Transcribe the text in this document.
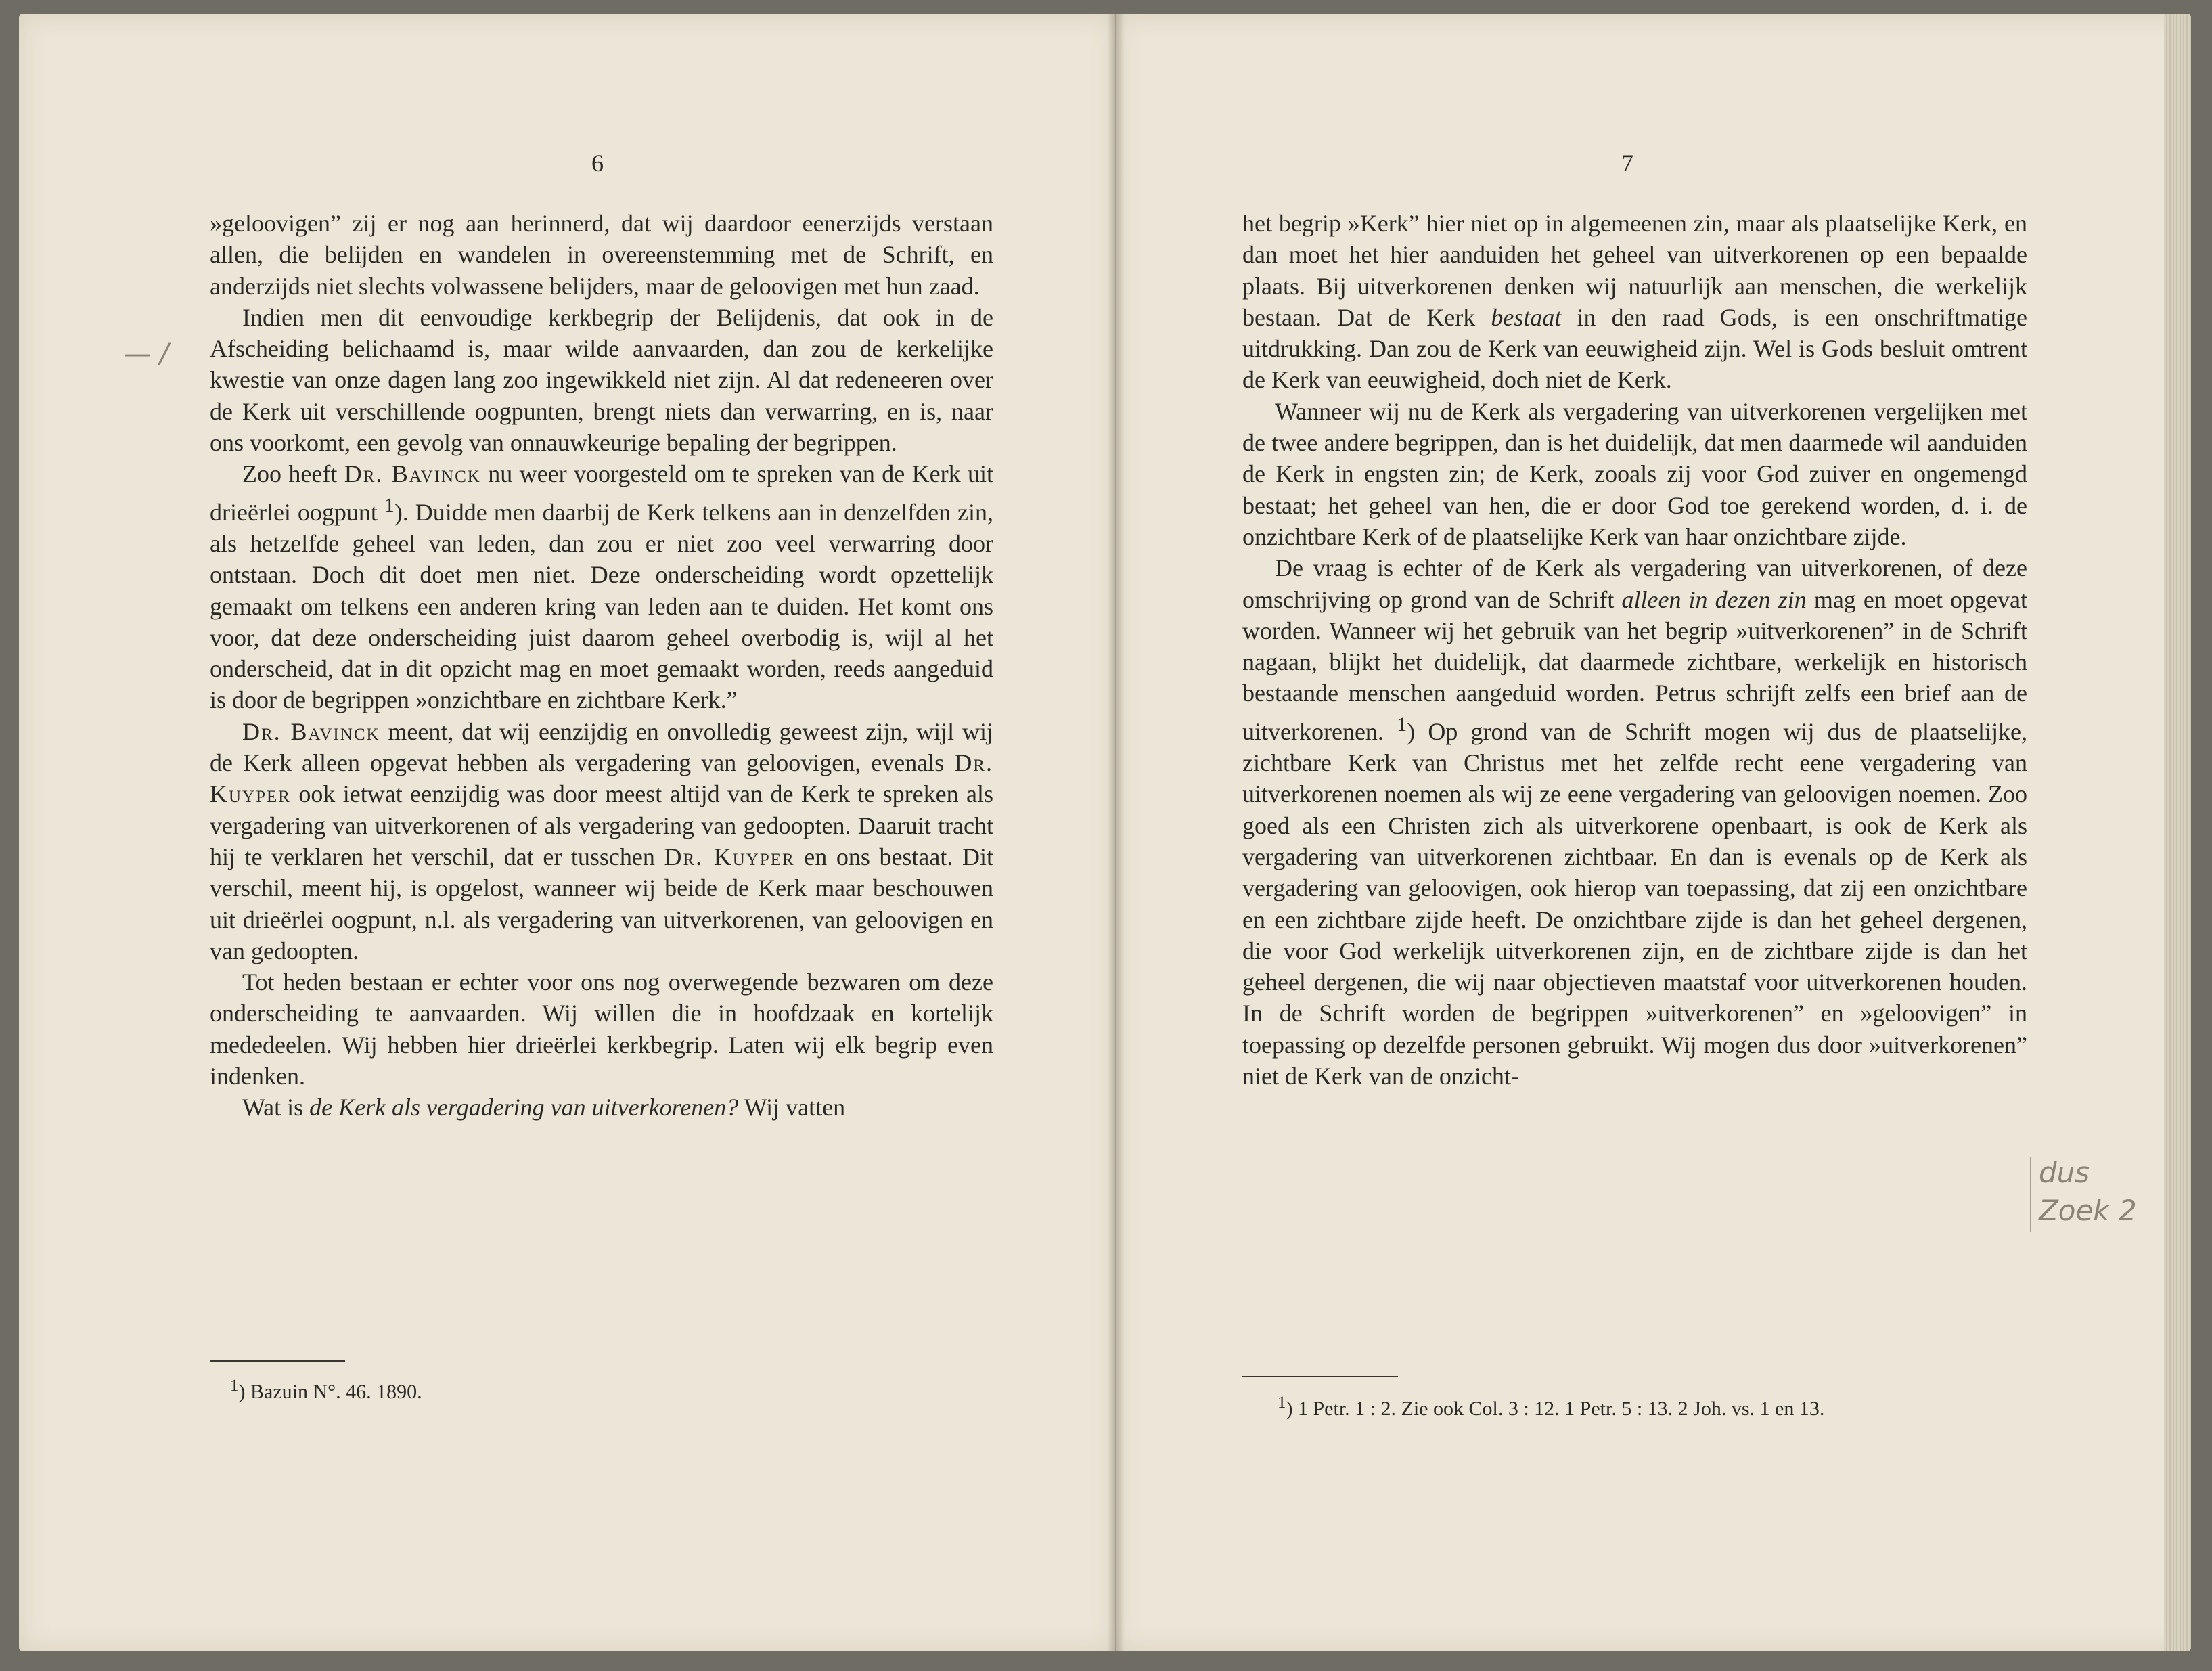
6

»geloovigen” zij er nog aan herinnerd, dat wij daardoor eenerzijds verstaan allen, die belijden en wandelen in overeenstemming met de Schrift, en anderzijds niet slechts volwassene belijders, maar de geloovigen met hun zaad.

Indien men dit eenvoudige kerkbegrip der Belijdenis, dat ook in de Afscheiding belichaamd is, maar wilde aanvaarden, dan zou de kerkelijke kwestie van onze dagen lang zoo ingewikkeld niet zijn. Al dat redeneeren over de Kerk uit verschillende oogpunten, brengt niets dan verwarring, en is, naar ons voorkomt, een gevolg van onnauwkeurige bepaling der begrippen.

Zoo heeft Dr. Bavinck nu weer voorgesteld om te spreken van de Kerk uit drieërlei oogpunt $^1$). Duidde men daarbij de Kerk telkens aan in denzelfden zin, als hetzelfde geheel van leden, dan zou er niet zoo veel verwarring door ontstaan. Doch dit doet men niet. Deze onderscheiding wordt opzettelijk gemaakt om telkens een anderen kring van leden aan te duiden. Het komt ons voor, dat deze onderscheiding juist daarom geheel overbodig is, wijl al het onderscheid, dat in dit opzicht mag en moet gemaakt worden, reeds aangeduid is door de begrippen »onzichtbare en zichtbare Kerk.”

Dr. Bavinck meent, dat wij eenzijdig en onvolledig geweest zijn, wijl wij de Kerk alleen opgevat hebben als vergadering van geloovigen, evenals Dr. Kuyper ook ietwat eenzijdig was door meest altijd van de Kerk te spreken als vergadering van uitverkorenen of als vergadering van gedoopten. Daaruit tracht hij te verklaren het verschil, dat er tusschen Dr. Kuyper en ons bestaat. Dit verschil, meent hij, is opgelost, wanneer wij beide de Kerk maar beschouwen uit drieërlei oogpunt, n.l. als vergadering van uitverkorenen, van geloovigen en van gedoopten.

Tot heden bestaan er echter voor ons nog overwegende bezwaren om deze onderscheiding te aanvaarden. Wij willen die in hoofdzaak en kortelijk mededeelen. Wij hebben hier drieërlei kerkbegrip. Laten wij elk begrip even indenken.

Wat is de Kerk als vergadering van uitverkorenen? Wij vatten

$^1$) Bazuin N°. 46. 1890.
— /
7

het begrip »Kerk” hier niet op in algemeenen zin, maar als plaatselijke Kerk, en dan moet het hier aanduiden het geheel van uitverkorenen op een bepaalde plaats. Bij uitverkorenen denken wij natuurlijk aan menschen, die werkelijk bestaan. Dat de Kerk bestaat in den raad Gods, is een onschriftmatige uitdrukking. Dan zou de Kerk van eeuwigheid zijn. Wel is Gods besluit omtrent de Kerk van eeuwigheid, doch niet de Kerk.

Wanneer wij nu de Kerk als vergadering van uitverkorenen vergelijken met de twee andere begrippen, dan is het duidelijk, dat men daarmede wil aanduiden de Kerk in engsten zin; de Kerk, zooals zij voor God zuiver en ongemengd bestaat; het geheel van hen, die er door God toe gerekend worden, d. i. de onzichtbare Kerk of de plaatselijke Kerk van haar onzichtbare zijde.

De vraag is echter of de Kerk als vergadering van uitverkorenen, of deze omschrijving op grond van de Schrift alleen in dezen zin mag en moet opgevat worden. Wanneer wij het gebruik van het begrip »uitverkorenen” in de Schrift nagaan, blijkt het duidelijk, dat daarmede zichtbare, werkelijk en historisch bestaande menschen aangeduid worden. Petrus schrijft zelfs een brief aan de uitverkorenen. $^1$) Op grond van de Schrift mogen wij dus de plaatselijke, zichtbare Kerk van Christus met het zelfde recht eene vergadering van uitverkorenen noemen als wij ze eene vergadering van geloovigen noemen. Zoo goed als een Christen zich als uitverkorene openbaart, is ook de Kerk als vergadering van uitverkorenen zichtbaar. En dan is evenals op de Kerk als vergadering van geloovigen, ook hierop van toepassing, dat zij een onzichtbare en een zichtbare zijde heeft. De onzichtbare zijde is dan het geheel dergenen, die voor God werkelijk uitverkorenen zijn, en de zichtbare zijde is dan het geheel dergenen, die wij naar objectieven maatstaf voor uitverkorenen houden. In de Schrift worden de begrippen »uitverkorenen” en »geloovigen” in toepassing op dezelfde personen gebruikt. Wij mogen dus door »uitverkorenen” niet de Kerk van de onzicht-

$^1$) 1 Petr. 1 : 2. Zie ook Col. 3 : 12. 1 Petr. 5 : 13. 2 Joh. vs. 1 en 13.
dus
Zoek 2
